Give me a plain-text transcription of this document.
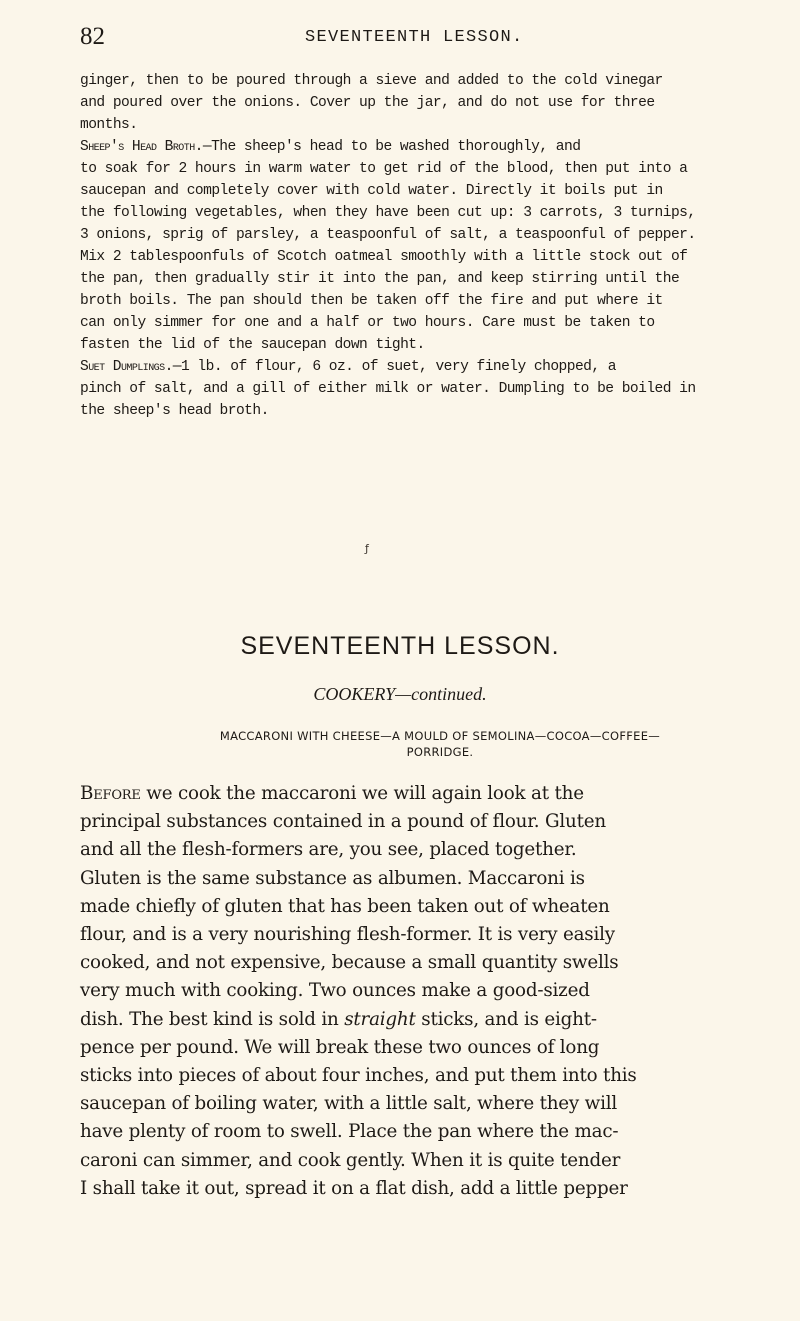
82	SEVENTEENTH LESSON.

ginger, then to be poured through a sieve and added to the cold vinegar
and poured over the onions. Cover up the jar, and do not use for three
months.

Sheep's Head Broth.—The sheep's head to be washed thoroughly, and
to soak for 2 hours in warm water to get rid of the blood, then put into a
saucepan and completely cover with cold water. Directly it boils put in
the following vegetables, when they have been cut up: 3 carrots, 3 turnips,
3 onions, sprig of parsley, a teaspoonful of salt, a teaspoonful of pepper.
Mix 2 tablespoonfuls of Scotch oatmeal smoothly with a little stock out of
the pan, then gradually stir it into the pan, and keep stirring until the
broth boils. The pan should then be taken off the fire and put where it
can only simmer for one and a half or two hours. Care must be taken to
fasten the lid of the saucepan down tight.

Suet Dumplings.—1 lb. of flour, 6 oz. of suet, very finely chopped, a
pinch of salt, and a gill of either milk or water. Dumpling to be boiled in
the sheep's head broth.

ƒ
SEVENTEENTH LESSON.
COOKERY—continued.
MACCARONI WITH CHEESE—A MOULD OF SEMOLINA—COCOA—COFFEE—
PORRIDGE.
Before we cook the maccaroni we will again look at the
principal substances contained in a pound of flour. Gluten
and all the flesh-formers are, you see, placed together.
Gluten is the same substance as albumen. Maccaroni is
made chiefly of gluten that has been taken out of wheaten
flour, and is a very nourishing flesh-former. It is very easily
cooked, and not expensive, because a small quantity swells
very much with cooking. Two ounces make a good-sized
dish. The best kind is sold in straight sticks, and is eight-
pence per pound. We will break these two ounces of long
sticks into pieces of about four inches, and put them into this
saucepan of boiling water, with a little salt, where they will
have plenty of room to swell. Place the pan where the mac-
caroni can simmer, and cook gently. When it is quite tender
I shall take it out, spread it on a flat dish, add a little pepper
